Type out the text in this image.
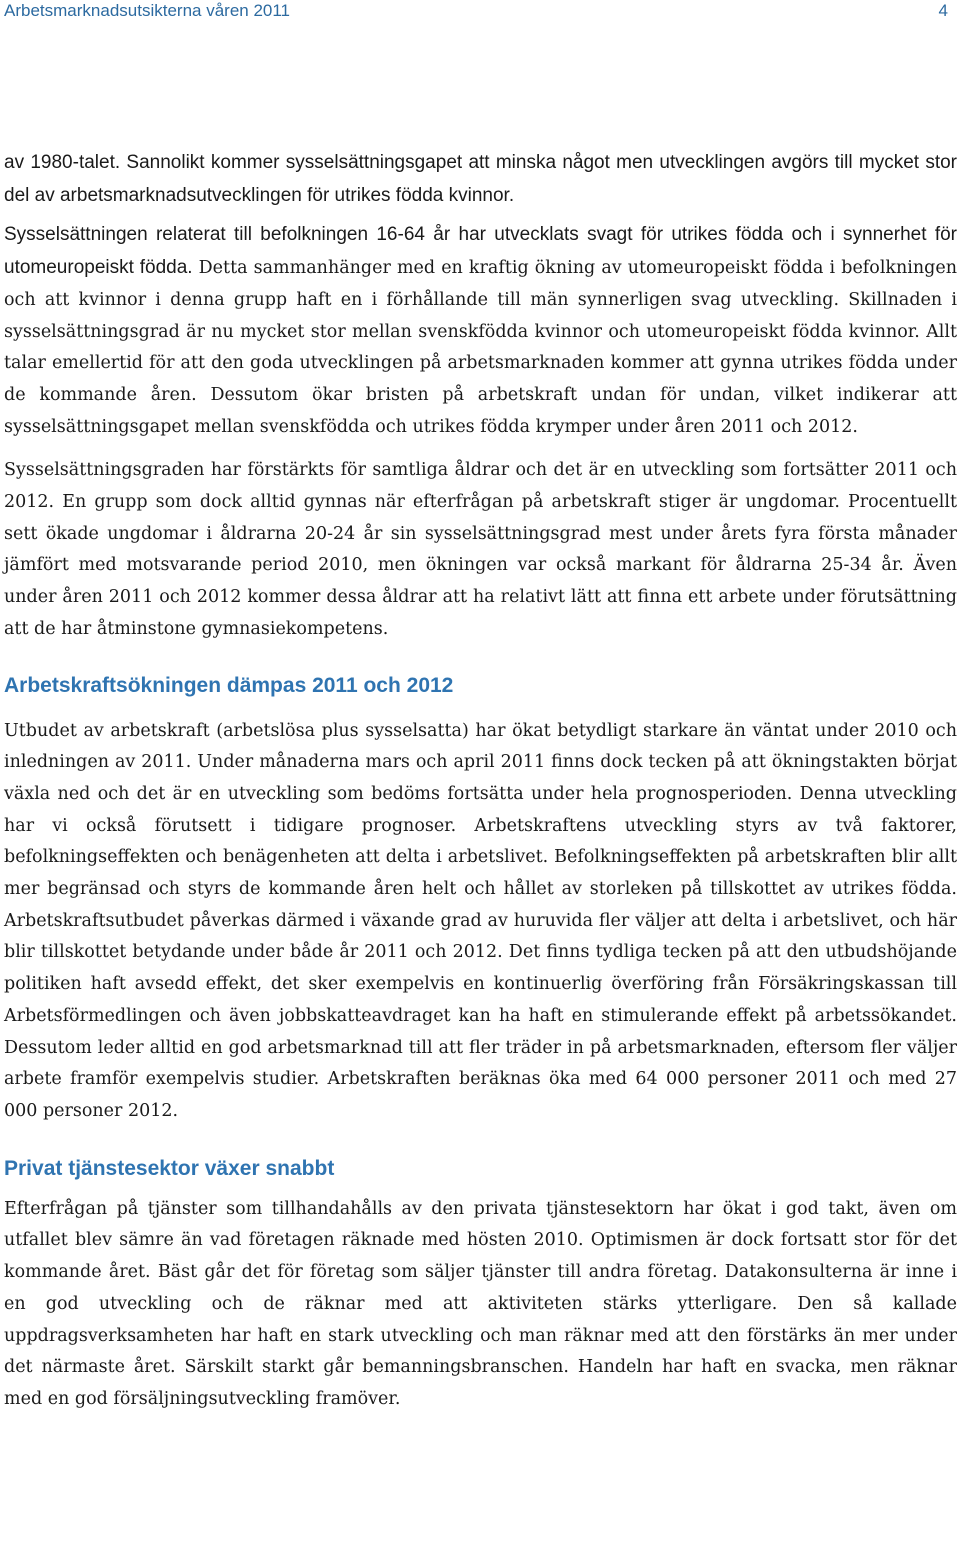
Arbetsmarknadsutsikterna våren 2011	4

av 1980-talet. Sannolikt kommer sysselsättningsgapet att minska något men utvecklingen avgörs till mycket stor del av arbetsmarknadsutvecklingen för utrikes födda kvinnor.

Sysselsättningen relaterat till befolkningen 16-64 år har utvecklats svagt för utrikes födda och i synnerhet för utomeuropeiskt födda. Detta sammanhänger med en kraftig ökning av utomeuropeiskt födda i befolkningen och att kvinnor i denna grupp haft en i förhållande till män synnerligen svag utveckling. Skillnaden i sysselsättningsgrad är nu mycket stor mellan svenskfödda kvinnor och utomeuropeiskt födda kvinnor. Allt talar emellertid för att den goda utvecklingen på arbetsmarknaden kommer att gynna utrikes födda under de kommande åren. Dessutom ökar bristen på arbetskraft undan för undan, vilket indikerar att sysselsättningsgapet mellan svenskfödda och utrikes födda krymper under åren 2011 och 2012.

Sysselsättningsgraden har förstärkts för samtliga åldrar och det är en utveckling som fortsätter 2011 och 2012. En grupp som dock alltid gynnas när efterfrågan på arbetskraft stiger är ungdomar. Procentuellt sett ökade ungdomar i åldrarna 20-24 år sin sysselsättningsgrad mest under årets fyra första månader jämfört med motsvarande period 2010, men ökningen var också markant för åldrarna 25-34 år. Även under åren 2011 och 2012 kommer dessa åldrar att ha relativt lätt att finna ett arbete under förutsättning att de har åtminstone gymnasiekompetens.

Arbetskraftsökningen dämpas 2011 och 2012

Utbudet av arbetskraft (arbetslösa plus sysselsatta) har ökat betydligt starkare än väntat under 2010 och inledningen av 2011. Under månaderna mars och april 2011 finns dock tecken på att ökningstakten börjat växla ned och det är en utveckling som bedöms fortsätta under hela prognosperioden. Denna utveckling har vi också förutsett i tidigare prognoser. Arbetskraftens utveckling styrs av två faktorer, befolkningseffekten och benägenheten att delta i arbetslivet. Befolkningseffekten på arbetskraften blir allt mer begränsad och styrs de kommande åren helt och hållet av storleken på tillskottet av utrikes födda. Arbetskraftsutbudet påverkas därmed i växande grad av huruvida fler väljer att delta i arbetslivet, och här blir tillskottet betydande under både år 2011 och 2012. Det finns tydliga tecken på att den utbudshöjande politiken haft avsedd effekt, det sker exempelvis en kontinuerlig överföring från Försäkringskassan till Arbetsförmedlingen och även jobbskatteavdraget kan ha haft en stimulerande effekt på arbetssökandet. Dessutom leder alltid en god arbetsmarknad till att fler träder in på arbetsmarknaden, eftersom fler väljer arbete framför exempelvis studier. Arbetskraften beräknas öka med 64 000 personer 2011 och med 27 000 personer 2012.

Privat tjänstesektor växer snabbt

Efterfrågan på tjänster som tillhandahålls av den privata tjänstesektorn har ökat i god takt, även om utfallet blev sämre än vad företagen räknade med hösten 2010. Optimismen är dock fortsatt stor för det kommande året. Bäst går det för företag som säljer tjänster till andra företag. Datakonsulterna är inne i en god utveckling och de räknar med att aktiviteten stärks ytterligare. Den så kallade uppdragsverksamheten har haft en stark utveckling och man räknar med att den förstärks än mer under det närmaste året. Särskilt starkt går bemanningsbranschen. Handeln har haft en svacka, men räknar med en god försäljningsutveckling framöver.
